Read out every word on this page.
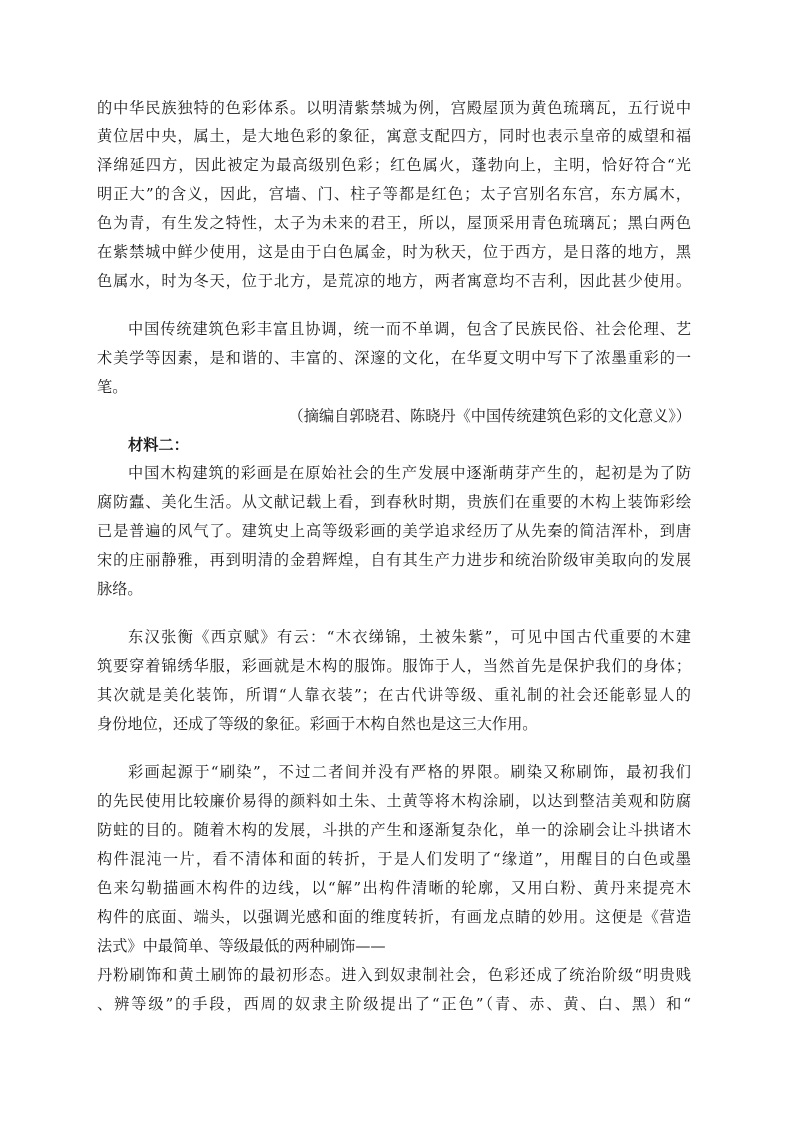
的中华民族独特的色彩体系。以明清紫禁城为例，宫殿屋顶为黄色琉璃瓦，五行说中
黄位居中央，属土，是大地色彩的象征，寓意支配四方，同时也表示皇帝的威望和福
泽绵延四方，因此被定为最高级别色彩；红色属火，蓬勃向上，主明，恰好符合“光
明正大”的含义，因此，宫墙、门、柱子等都是红色；太子宫别名东宫，东方属木，
色为青，有生发之特性，太子为未来的君王，所以，屋顶采用青色琉璃瓦；黑白两色
在紫禁城中鲜少使用，这是由于白色属金，时为秋天，位于西方，是日落的地方，黑
色属水，时为冬天，位于北方，是荒凉的地方，两者寓意均不吉利，因此甚少使用。
中国传统建筑色彩丰富且协调，统一而不单调，包含了民族民俗、社会伦理、艺
术美学等因素，是和谐的、丰富的、深邃的文化，在华夏文明中写下了浓墨重彩的一
笔。
（摘编自郭晓君、陈晓丹《中国传统建筑色彩的文化意义》）
材料二：
中国木构建筑的彩画是在原始社会的生产发展中逐渐萌芽产生的，起初是为了防
腐防蠹、美化生活。从文献记载上看，到春秋时期，贵族们在重要的木构上装饰彩绘
已是普遍的风气了。建筑史上高等级彩画的美学追求经历了从先秦的简洁浑朴，到唐
宋的庄丽静雅，再到明清的金碧辉煌，自有其生产力进步和统治阶级审美取向的发展
脉络。
东汉张衡《西京赋》有云：“木衣绨锦，土被朱紫”，可见中国古代重要的木建
筑要穿着锦绣华服，彩画就是木构的服饰。服饰于人，当然首先是保护我们的身体；
其次就是美化装饰，所谓“人靠衣装”；在古代讲等级、重礼制的社会还能彰显人的
身份地位，还成了等级的象征。彩画于木构自然也是这三大作用。
彩画起源于“刷染”，不过二者间并没有严格的界限。刷染又称刷饰，最初我们
的先民使用比较廉价易得的颜料如土朱、土黄等将木构涂刷，以达到整洁美观和防腐
防蛀的目的。随着木构的发展，斗拱的产生和逐渐复杂化，单一的涂刷会让斗拱诸木
构件混沌一片，看不清体和面的转折，于是人们发明了“缘道”，用醒目的白色或墨
色来勾勒描画木构件的边线，以“解”出构件清晰的轮廓，又用白粉、黄丹来提亮木
构件的底面、端头，以强调光感和面的维度转折，有画龙点睛的妙用。这便是《营造
法式》中最简单、等级最低的两种刷饰——
丹粉刷饰和黄土刷饰的最初形态。进入到奴隶制社会，色彩还成了统治阶级“明贵贱
、辨等级”的手段，西周的奴隶主阶级提出了“正色”（青、赤、黄、白、黑）和“
